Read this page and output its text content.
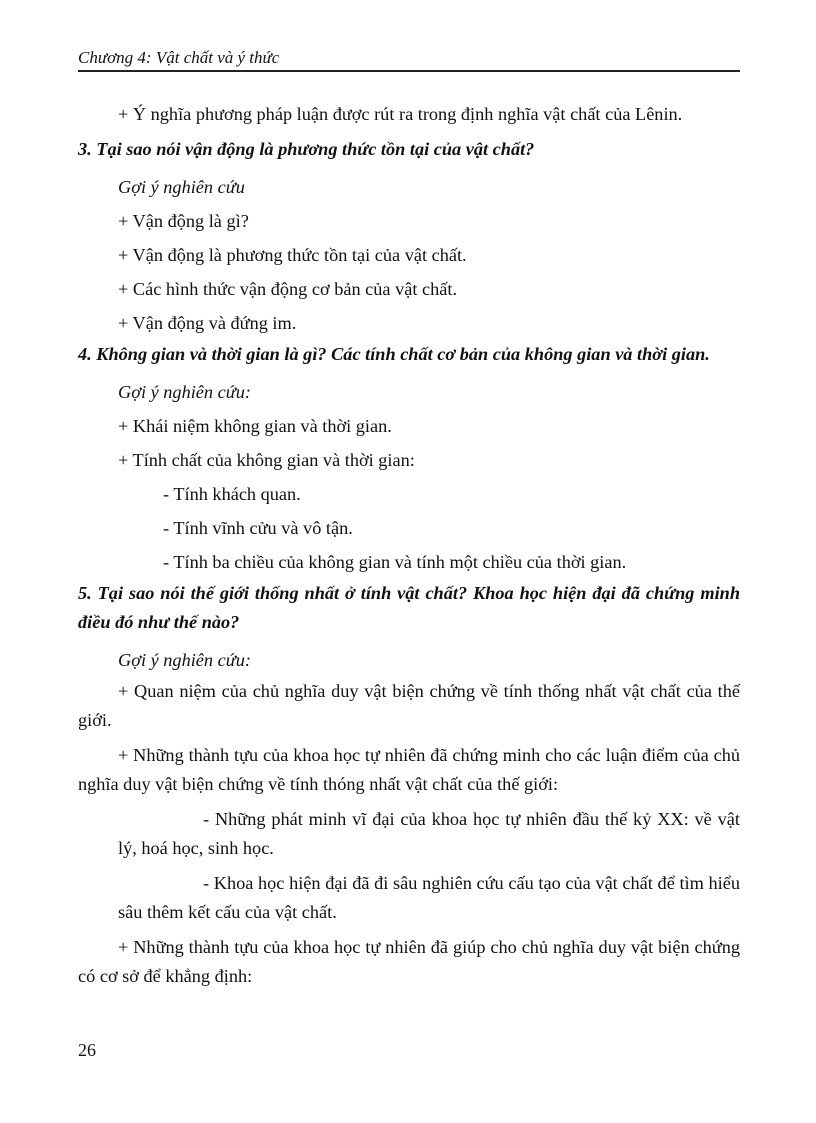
Chương 4: Vật chất và ý thức

+ Ý nghĩa phương pháp luận được rút ra trong định nghĩa vật chất của Lênin.

3. Tại sao nói vận động là phương thức tồn tại của vật chất?

Gợi ý nghiên cứu

+ Vận động là gì?

+ Vận động là phương thức tồn tại của vật chất.

+ Các hình thức vận động cơ bản của vật chất.

+ Vận động và đứng im.

4. Không gian và thời gian là gì? Các tính chất cơ bản của không gian và thời gian.

Gợi ý nghiên cứu:

+ Khái niệm không gian và thời gian.

+ Tính chất của không gian và thời gian:

- Tính khách quan.

- Tính vĩnh cửu và vô tận.

- Tính ba chiều của không gian và tính một chiều của thời gian.

5. Tại sao nói thế giới thống nhất ở tính vật chất? Khoa học hiện đại đã chứng minh điều đó như thế nào?

Gợi ý nghiên cứu:

+ Quan niệm của chủ nghĩa duy vật biện chứng về tính thống nhất vật chất của thế giới.

+ Những thành tựu của khoa học tự nhiên đã chứng minh cho các luận điểm của chủ nghĩa duy vật biện chứng về tính thóng nhất vật chất của thế giới:

- Những phát minh vĩ đại của khoa học tự nhiên đầu thế kỷ XX: về vật lý, hoá học, sinh học.

- Khoa học hiện đại đã đi sâu nghiên cứu cấu tạo của vật chất để tìm hiểu sâu thêm kết cấu của vật chất.

+ Những thành tựu của khoa học tự nhiên đã giúp cho chủ nghĩa duy vật biện chứng có cơ sở để khẳng định:

26
